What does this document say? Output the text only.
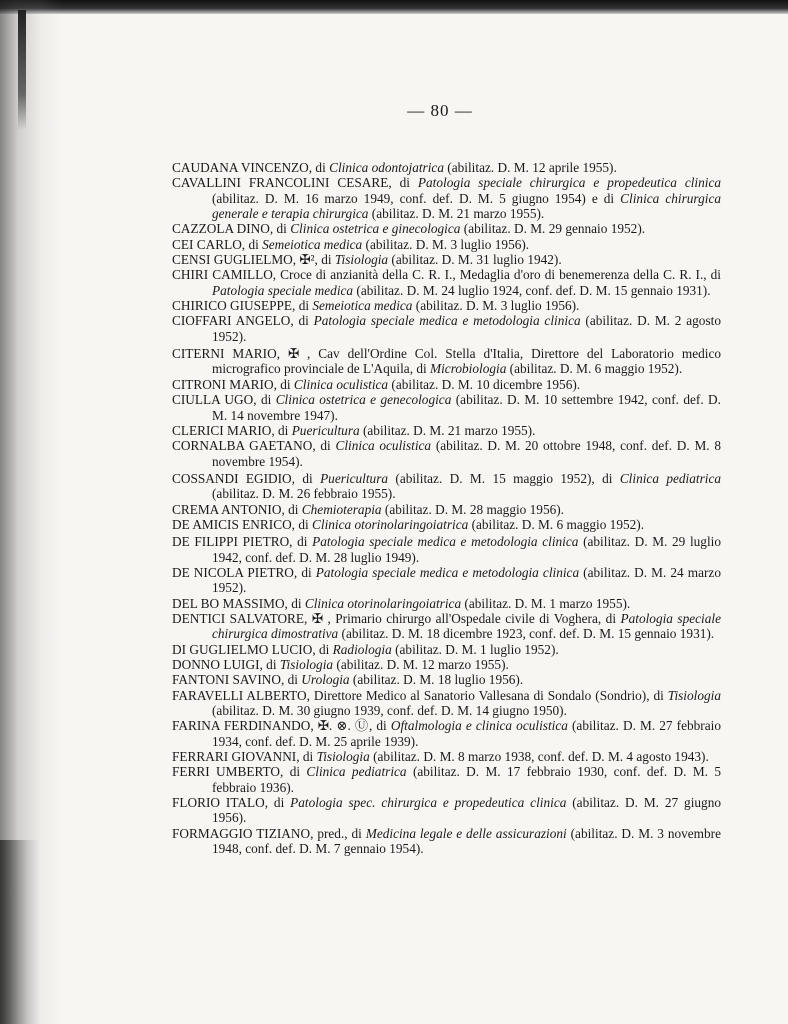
— 80 —

CAUDANA VINCENZO, di Clinica odontojatrica (abilitaz. D. M. 12 aprile 1955).

CAVALLINI FRANCOLINI CESARE, di Patologia speciale chirurgica e propedeutica clinica (abilitaz. D. M. 16 marzo 1949, conf. def. D. M. 5 giugno 1954) e di Clinica chirurgica generale e terapia chirurgica (abilitaz. D. M. 21 marzo 1955).

CAZZOLA DINO, di Clinica ostetrica e ginecologica (abilitaz. D. M. 29 gennaio 1952).

CEI CARLO, di Semeiotica medica (abilitaz. D. M. 3 luglio 1956).

CENSI GUGLIELMO, ✠², di Tisiologia (abilitaz. D. M. 31 luglio 1942).

CHIRI CAMILLO, Croce di anzianità della C. R. I., Medaglia d'oro di benemerenza della C. R. I., di Patologia speciale medica (abilitaz. D. M. 24 luglio 1924, conf. def. D. M. 15 gennaio 1931).

CHIRICO GIUSEPPE, di Semeiotica medica (abilitaz. D. M. 3 luglio 1956).

CIOFFARI ANGELO, di Patologia speciale medica e metodologia clinica (abilitaz. D. M. 2 agosto 1952).

CITERNI MARIO, ✠ , Cav dell'Ordine Col. Stella d'Italia, Direttore del Laboratorio medico micrografico provinciale de L'Aquila, di Microbiologia (abilitaz. D. M. 6 maggio 1952).

CITRONI MARIO, di Clinica oculistica (abilitaz. D. M. 10 dicembre 1956).

CIULLA UGO, di Clinica ostetrica e genecologica (abilitaz. D. M. 10 settembre 1942, conf. def. D. M. 14 novembre 1947).

CLERICI MARIO, di Puericultura (abilitaz. D. M. 21 marzo 1955).

CORNALBA GAETANO, di Clinica oculistica (abilitaz. D. M. 20 ottobre 1948, conf. def. D. M. 8 novembre 1954).

COSSANDI EGIDIO, di Puericultura (abilitaz. D. M. 15 maggio 1952), di Clinica pediatrica (abilitaz. D. M. 26 febbraio 1955).

CREMA ANTONIO, di Chemioterapia (abilitaz. D. M. 28 maggio 1956).

DE AMICIS ENRICO, di Clinica otorinolaringoiatrica (abilitaz. D. M. 6 maggio 1952).

DE FILIPPI PIETRO, di Patologia speciale medica e metodologia clinica (abilitaz. D. M. 29 luglio 1942, conf. def. D. M. 28 luglio 1949).

DE NICOLA PIETRO, di Patologia speciale medica e metodologia clinica (abilitaz. D. M. 24 marzo 1952).

DEL BO MASSIMO, di Clinica otorinolaringoiatrica (abilitaz. D. M. 1 marzo 1955).

DENTICI SALVATORE, ✠ , Primario chirurgo all'Ospedale civile di Voghera, di Patologia speciale chirurgica dimostrativa (abilitaz. D. M. 18 dicembre 1923, conf. def. D. M. 15 gennaio 1931).

DI GUGLIELMO LUCIO, di Radiologia (abilitaz. D. M. 1 luglio 1952).

DONNO LUIGI, di Tisiologia (abilitaz. D. M. 12 marzo 1955).

FANTONI SAVINO, di Urologia (abilitaz. D. M. 18 luglio 1956).

FARAVELLI ALBERTO, Direttore Medico al Sanatorio Vallesana di Sondalo (Sondrio), di Tisiologia (abilitaz. D. M. 30 giugno 1939, conf. def. D. M. 14 giugno 1950).

FARINA FERDINANDO, ✠. ⊗. Ⓤ, di Oftalmologia e clinica oculistica (abilitaz. D. M. 27 febbraio 1934, conf. def. D. M. 25 aprile 1939).

FERRARI GIOVANNI, di Tisiologia (abilitaz. D. M. 8 marzo 1938, conf. def. D. M. 4 agosto 1943).

FERRI UMBERTO, di Clinica pediatrica (abilitaz. D. M. 17 febbraio 1930, conf. def. D. M. 5 febbraio 1936).

FLORIO ITALO, di Patologia spec. chirurgica e propedeutica clinica (abilitaz. D. M. 27 giugno 1956).

FORMAGGIO TIZIANO, pred., di Medicina legale e delle assicurazioni (abilitaz. D. M. 3 novembre 1948, conf. def. D. M. 7 gennaio 1954).
